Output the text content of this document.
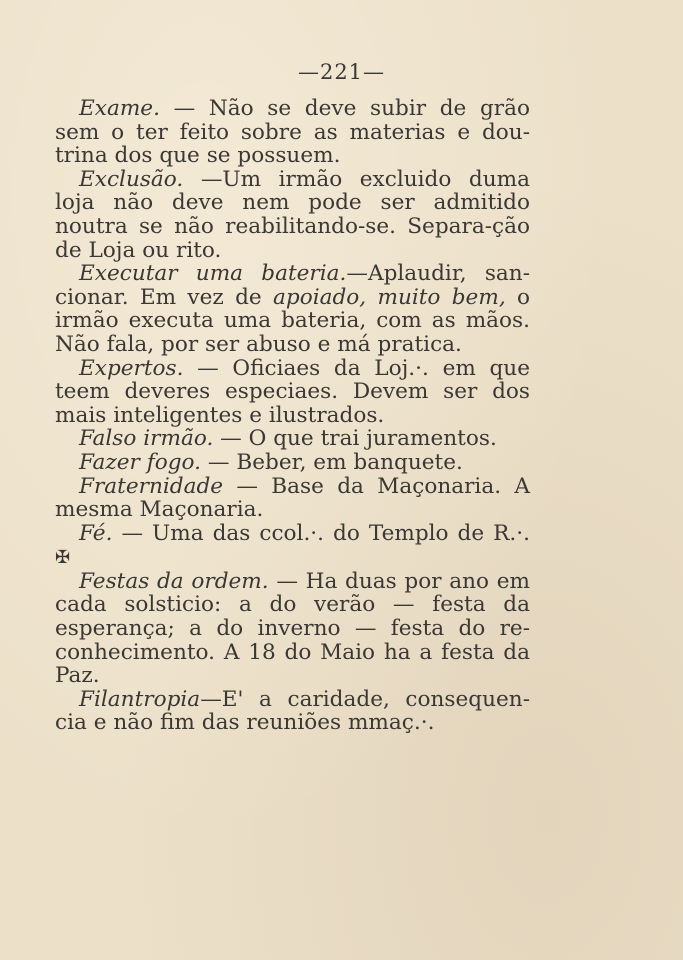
—221—

Exame. — Não se deve subir de grão sem o ter feito sobre as materias e dou-trina dos que se possuem.

Exclusão. —Um irmão excluido duma loja não deve nem pode ser admitido noutra se não reabilitando-se. Separa-ção de Loja ou rito.

Executar uma bateria.—Aplaudir, san-cionar. Em vez de apoiado, muito bem, o irmão executa uma bateria, com as mãos. Não fala, por ser abuso e má pratica.

Expertos. — Oficiaes da Loj.·. em que teem deveres especiaes. Devem ser dos mais inteligentes e ilustrados.

Falso irmão. — O que trai juramentos.

Fazer fogo. — Beber, em banquete.

Fraternidade — Base da Maçonaria. A mesma Maçonaria.

Fé. — Uma das ccol.·. do Templo de R.·. ✠

Festas da ordem. — Ha duas por ano em cada solsticio: a do verão — festa da esperança; a do inverno — festa do re-conhecimento. A 18 do Maio ha a festa da Paz.

Filantropia—E' a caridade, consequen-cia e não fim das reuniões mmaç.·.
